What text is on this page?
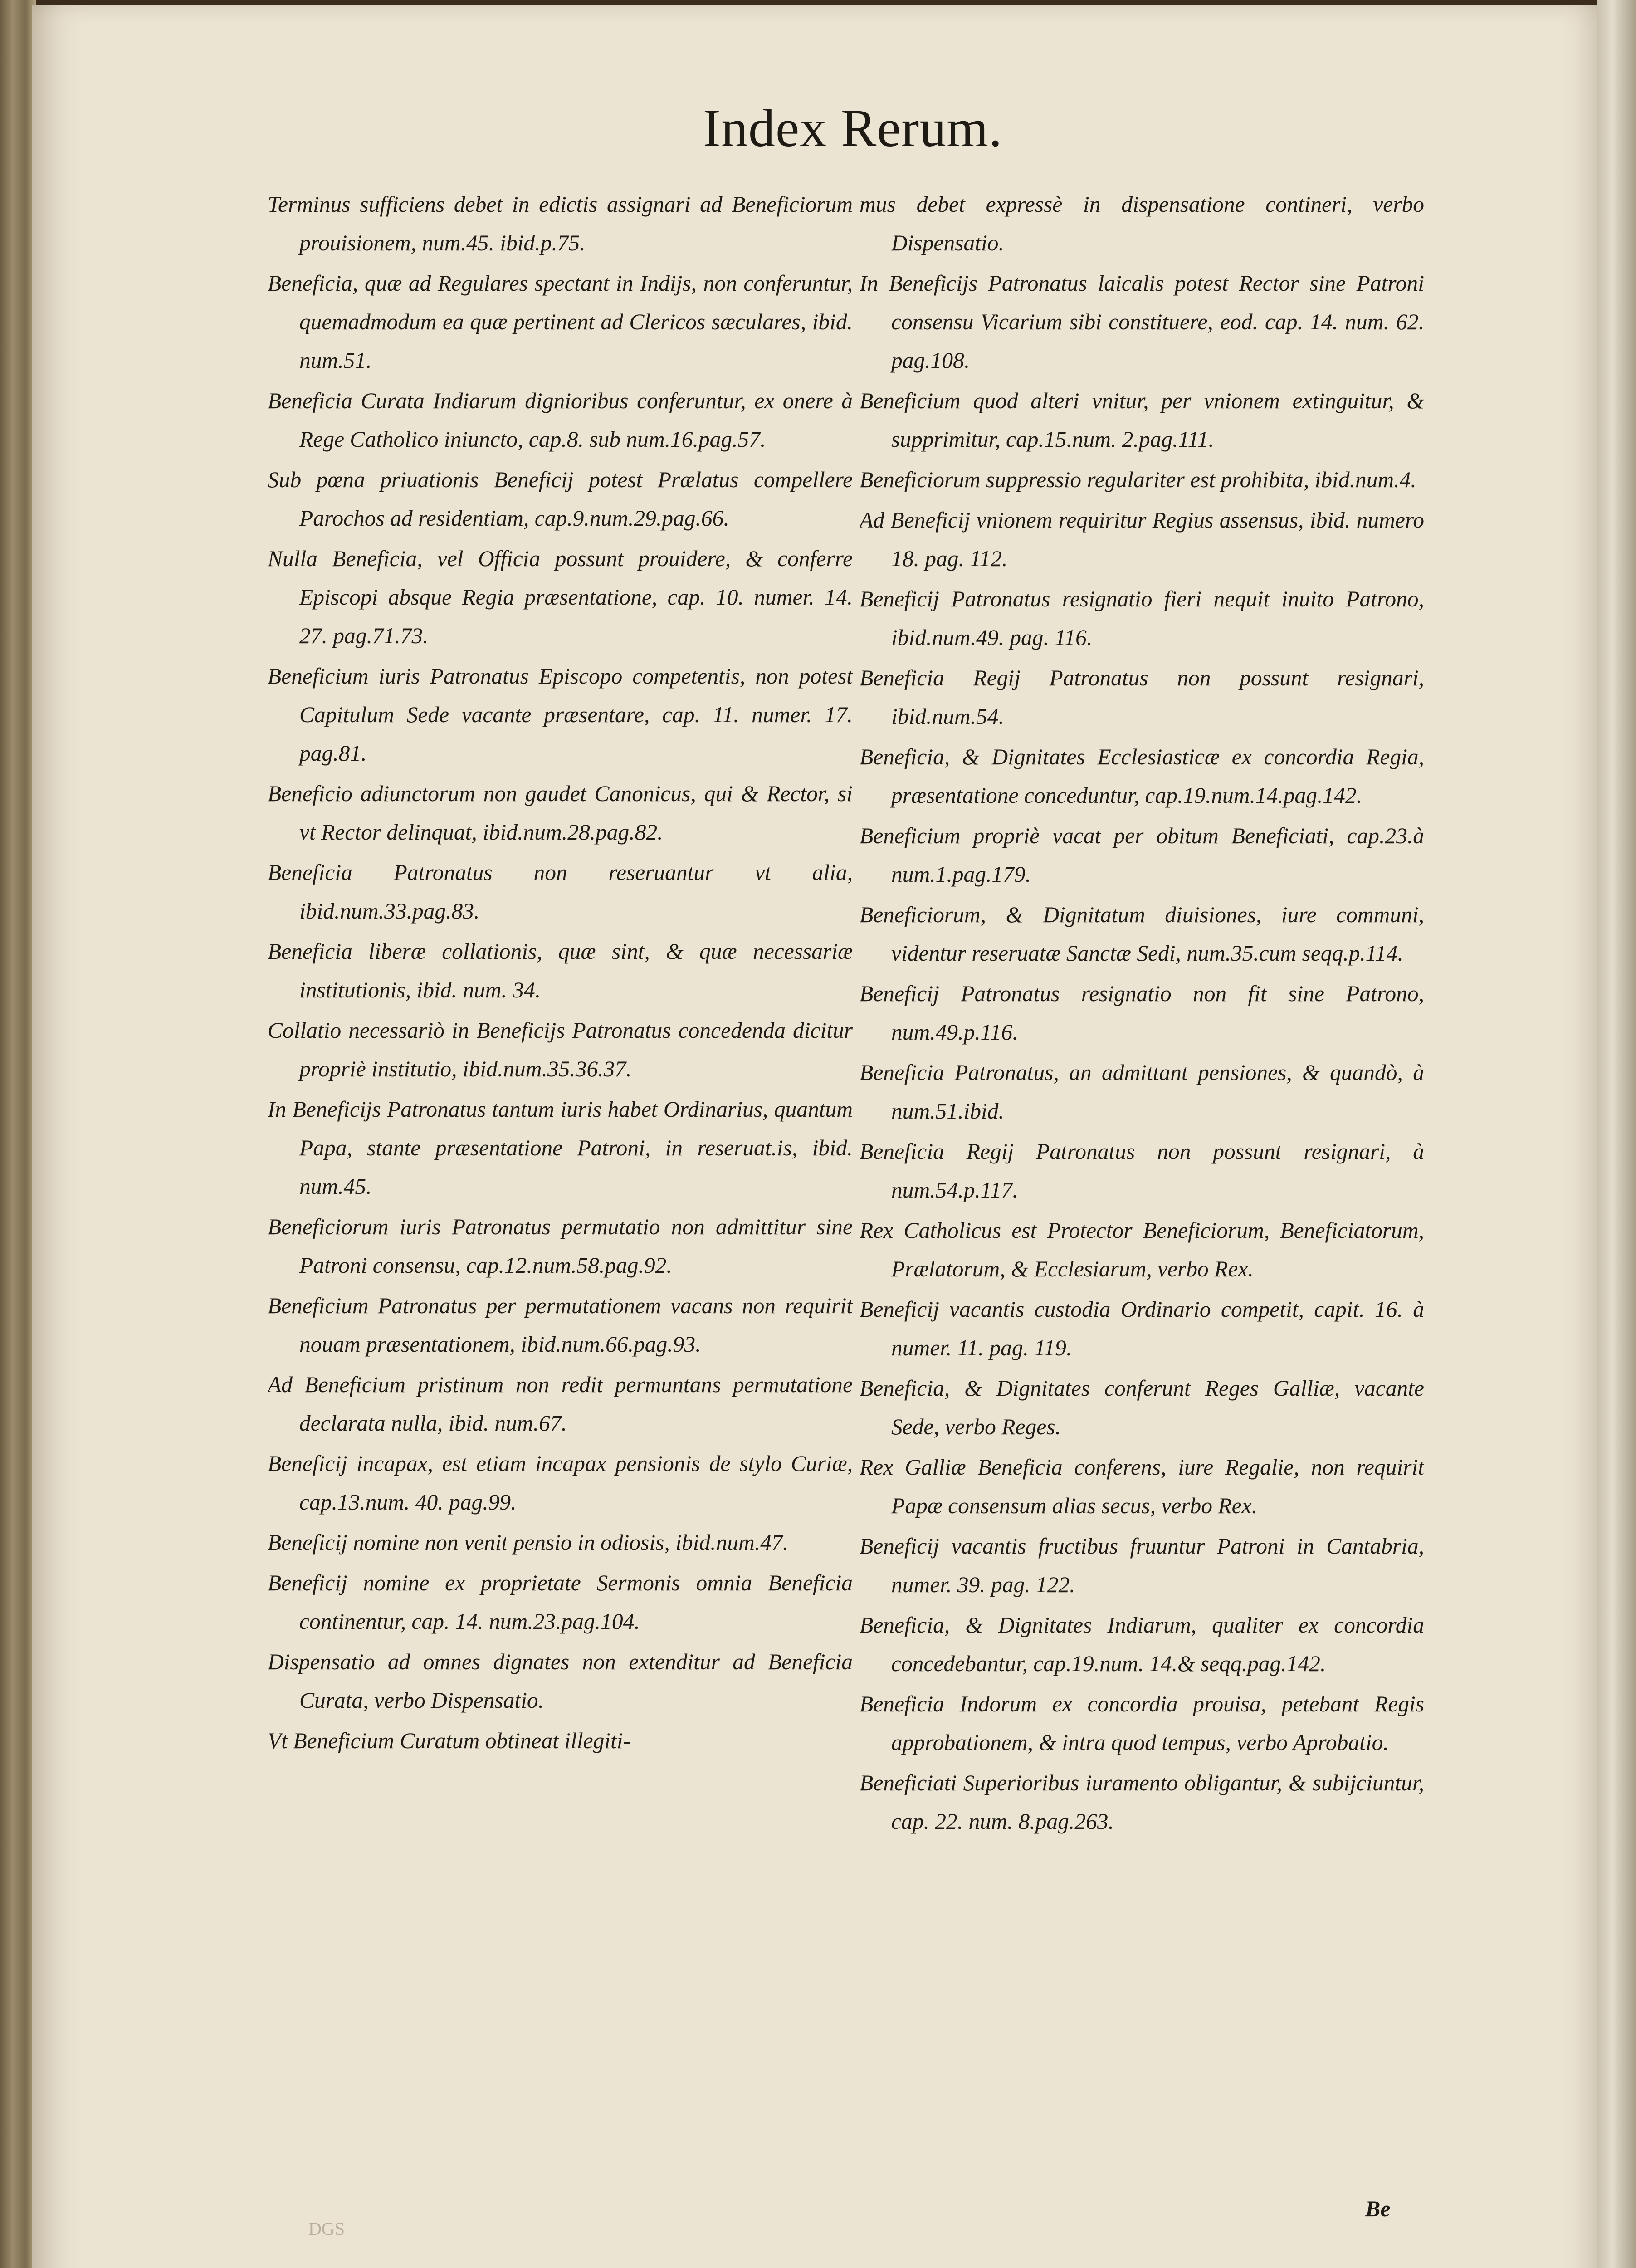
Index Rerum.

Terminus sufficiens debet in edictis assignari ad Beneficiorum prouisionem, num.45. ibid.p.75.

Beneficia, quæ ad Regulares spectant in Indijs, non conferuntur, quemadmodum ea quæ pertinent ad Clericos sæculares, ibid. num.51.

Beneficia Curata Indiarum dignioribus conferuntur, ex onere à Rege Catholico iniuncto, cap.8. sub num.16.pag.57.

Sub pœna priuationis Beneficij potest Prælatus compellere Parochos ad residentiam, cap.9.num.29.pag.66.

Nulla Beneficia, vel Officia possunt prouidere, & conferre Episcopi absque Regia præsentatione, cap. 10. numer. 14. 27. pag.71.73.

Beneficium iuris Patronatus Episcopo competentis, non potest Capitulum Sede vacante præsentare, cap. 11. numer. 17. pag.81.

Beneficio adiunctorum non gaudet Canonicus, qui & Rector, si vt Rector delinquat, ibid.num.28.pag.82.

Beneficia Patronatus non reseruantur vt alia, ibid.num.33.pag.83.

Beneficia liberæ collationis, quæ sint, & quæ necessariæ institutionis, ibid. num. 34.

Collatio necessariò in Beneficijs Patronatus concedenda dicitur propriè institutio, ibid.num.35.36.37.

In Beneficijs Patronatus tantum iuris habet Ordinarius, quantum Papa, stante præsentatione Patroni, in reseruat.is, ibid. num.45.

Beneficiorum iuris Patronatus permutatio non admittitur sine Patroni consensu, cap.12.num.58.pag.92.

Beneficium Patronatus per permutationem vacans non requirit nouam præsentationem, ibid.num.66.pag.93.

Ad Beneficium pristinum non redit permuntans permutatione declarata nulla, ibid. num.67.

Beneficij incapax, est etiam incapax pensionis de stylo Curiæ, cap.13.num. 40. pag.99.

Beneficij nomine non venit pensio in odiosis, ibid.num.47.

Beneficij nomine ex proprietate Sermonis omnia Beneficia continentur, cap. 14. num.23.pag.104.

Dispensatio ad omnes dignates non extenditur ad Beneficia Curata, verbo Dispensatio.

Vt Beneficium Curatum obtineat illegiti-

mus debet expressè in dispensatione contineri, verbo Dispensatio.

In Beneficijs Patronatus laicalis potest Rector sine Patroni consensu Vicarium sibi constituere, eod. cap. 14. num. 62. pag.108.

Beneficium quod alteri vnitur, per vnionem extinguitur, & supprimitur, cap.15.num. 2.pag.111.

Beneficiorum suppressio regulariter est prohibita, ibid.num.4.

Ad Beneficij vnionem requiritur Regius assensus, ibid. numero 18. pag. 112.

Beneficij Patronatus resignatio fieri nequit inuito Patrono, ibid.num.49. pag. 116.

Beneficia Regij Patronatus non possunt resignari, ibid.num.54.

Beneficia, & Dignitates Ecclesiasticæ ex concordia Regia, præsentatione conceduntur, cap.19.num.14.pag.142.

Beneficium propriè vacat per obitum Beneficiati, cap.23.à num.1.pag.179.

Beneficiorum, & Dignitatum diuisiones, iure communi, videntur reseruatæ Sanctæ Sedi, num.35.cum seqq.p.114.

Beneficij Patronatus resignatio non fit sine Patrono, num.49.p.116.

Beneficia Patronatus, an admittant pensiones, & quandò, à num.51.ibid.

Beneficia Regij Patronatus non possunt resignari, à num.54.p.117.

Rex Catholicus est Protector Beneficiorum, Beneficiatorum, Prælatorum, & Ecclesiarum, verbo Rex.

Beneficij vacantis custodia Ordinario competit, capit. 16. à numer. 11. pag. 119.

Beneficia, & Dignitates conferunt Reges Galliæ, vacante Sede, verbo Reges.

Rex Galliæ Beneficia conferens, iure Regalie, non requirit Papæ consensum alias secus, verbo Rex.

Beneficij vacantis fructibus fruuntur Patroni in Cantabria, numer. 39. pag. 122.

Beneficia, & Dignitates Indiarum, qualiter ex concordia concedebantur, cap.19.num. 14.& seqq.pag.142.

Beneficia Indorum ex concordia prouisa, petebant Regis approbationem, & intra quod tempus, verbo Aprobatio.

Beneficiati Superioribus iuramento obligantur, & subijciuntur, cap. 22. num. 8.pag.263.

DGS
Be
